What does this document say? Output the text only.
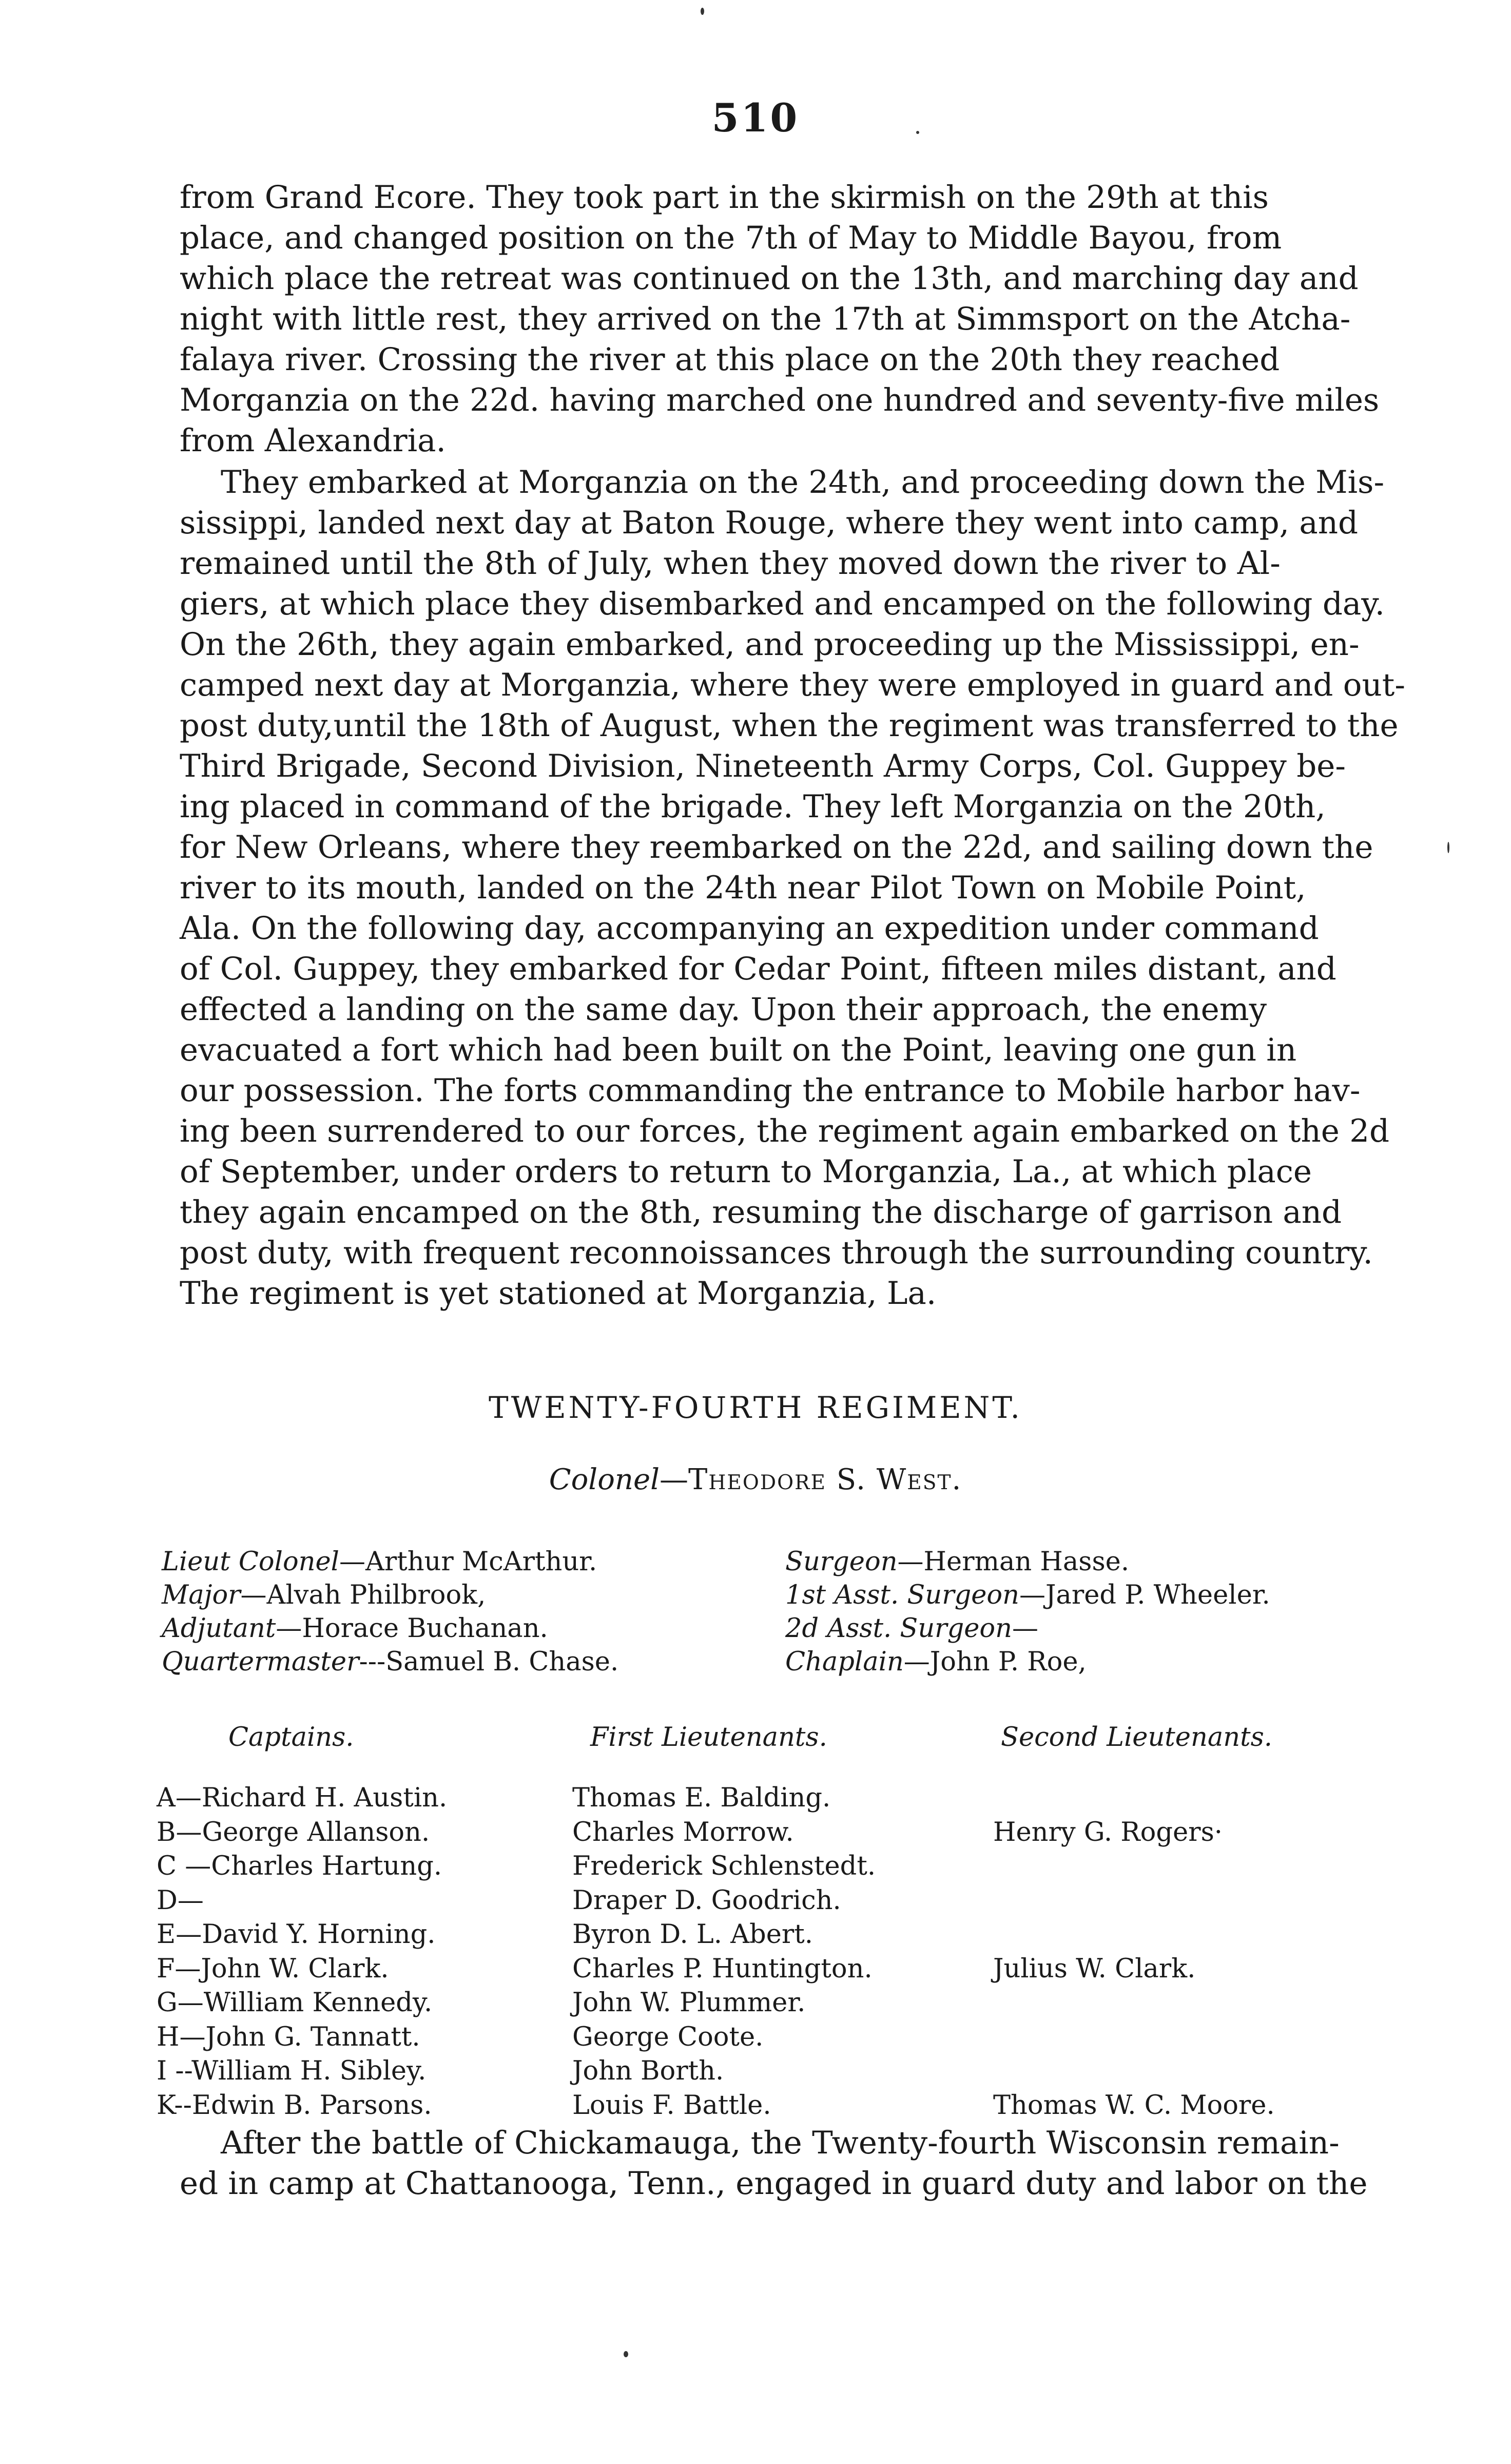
510
from Grand Ecore. They took part in the skirmish on the 29th at this
place, and changed position on the 7th of May to Middle Bayou, from
which place the retreat was continued on the 13th, and marching day and
night with little rest, they arrived on the 17th at Simmsport on the Atcha-
falaya river. Crossing the river at this place on the 20th they reached
Morganzia on the 22d. having marched one hundred and seventy-five miles
from Alexandria.
They embarked at Morganzia on the 24th, and proceeding down the Mis-
sissippi, landed next day at Baton Rouge, where they went into camp, and
remained until the 8th of July, when they moved down the river to Al-
giers, at which place they disembarked and encamped on the following day.
On the 26th, they again embarked, and proceeding up the Mississippi, en-
camped next day at Morganzia, where they were employed in guard and out-
post duty,until the 18th of August, when the regiment was transferred to the
Third Brigade, Second Division, Nineteenth Army Corps, Col. Guppey be-
ing placed in command of the brigade. They left Morganzia on the 20th,
for New Orleans, where they reembarked on the 22d, and sailing down the
river to its mouth, landed on the 24th near Pilot Town on Mobile Point,
Ala. On the following day, accompanying an expedition under command
of Col. Guppey, they embarked for Cedar Point, fifteen miles distant, and
effected a landing on the same day. Upon their approach, the enemy
evacuated a fort which had been built on the Point, leaving one gun in
our possession. The forts commanding the entrance to Mobile harbor hav-
ing been surrendered to our forces, the regiment again embarked on the 2d
of September, under orders to return to Morganzia, La., at which place
they again encamped on the 8th, resuming the discharge of garrison and
post duty, with frequent reconnoissances through the surrounding country.
The regiment is yet stationed at Morganzia, La.
TWENTY-FOURTH REGIMENT.
Colonel—Theodore S. West.
Lieut Colonel—Arthur McArthur.
Major—Alvah Philbrook,
Adjutant—Horace Buchanan.
Quartermaster---Samuel B. Chase.
Surgeon—Herman Hasse.
1st Asst. Surgeon—Jared P. Wheeler.
2d Asst. Surgeon—
Chaplain—John P. Roe,
Captains.	First Lieutenants.	Second Lieutenants.
A—Richard H. Austin.
B—George Allanson.
C —Charles Hartung.
D—
E—David Y. Horning.
F—John W. Clark.
G—William Kennedy.
H—John G. Tannatt.
I --William H. Sibley.
K--Edwin B. Parsons.
Thomas E. Balding.
Charles Morrow.
Frederick Schlenstedt.
Draper D. Goodrich.
Byron D. L. Abert.
Charles P. Huntington.
John W. Plummer.
George Coote.
John Borth.
Louis F. Battle.
Henry G. Rogers·
Julius W. Clark.
Thomas W. C. Moore.
After the battle of Chickamauga, the Twenty-fourth Wisconsin remain-
ed in camp at Chattanooga, Tenn., engaged in guard duty and labor on the
